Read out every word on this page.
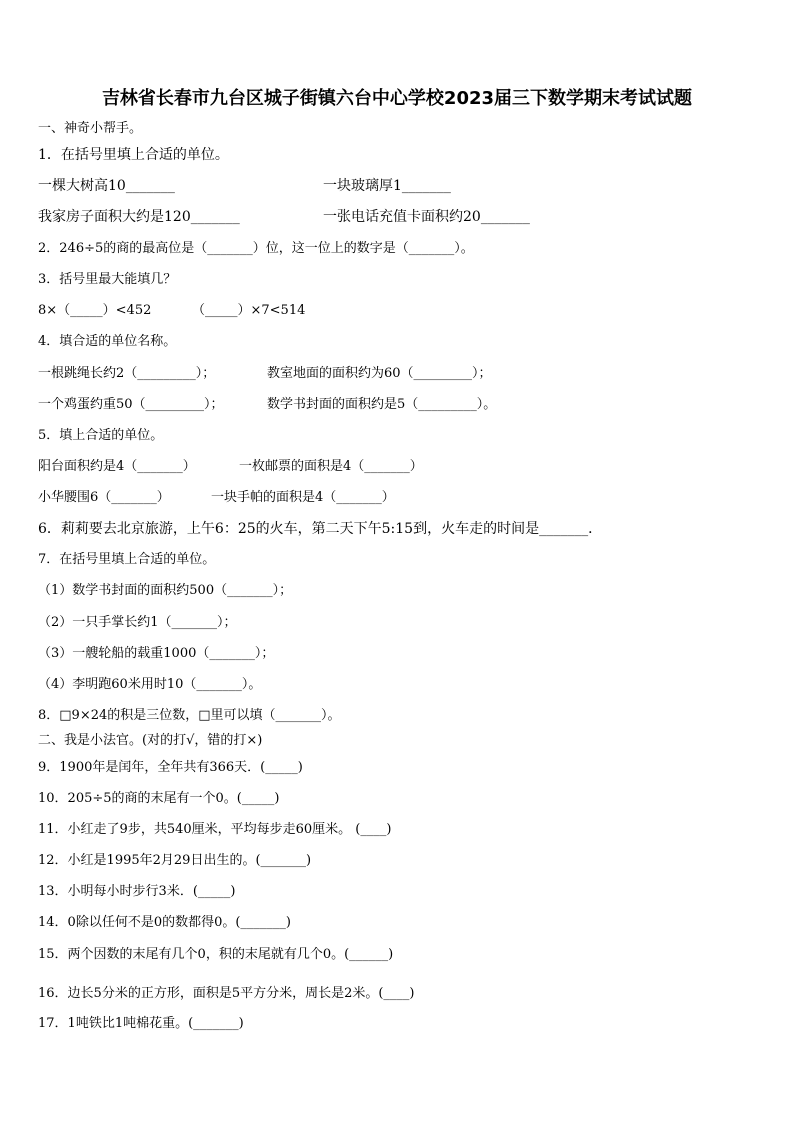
吉林省长春市九台区城子街镇六台中心学校2023届三下数学期末考试试题
一、神奇小帮手。
1．在括号里填上合适的单位。
一棵大树高10_______	一块玻璃厚1_______
我家房子面积大约是120_______	一张电话充值卡面积约20_______
2．246÷5的商的最高位是（_______）位，这一位上的数字是（_______）。
3．括号里最大能填几？
8×（_____）<452	（_____）×7<514
4．填合适的单位名称。
一根跳绳长约2（_________）；	教室地面的面积约为60（_________）；
一个鸡蛋约重50（_________）；	数学书封面的面积约是5（_________）。
5．填上合适的单位。
阳台面积约是4（_______）	一枚邮票的面积是4（_______）
小华腰围6（_______）	一块手帕的面积是4（_______）
6．莉莉要去北京旅游，上午6：25的火车，第二天下午5:15到，火车走的时间是_______．
7．在括号里填上合适的单位。
（1）数学书封面的面积约500（_______）；
（2）一只手掌长约1（_______）；
（3）一艘轮船的载重1000（_______）；
（4）李明跑60米用时10（_______）。
8．□9×24的积是三位数，□里可以填（_______）。
二、我是小法官。(对的打√，错的打×)
9．1900年是闰年，全年共有366天．(_____)
10．205÷5的商的末尾有一个0。(_____)
11．小红走了9步，共540厘米，平均每步走60厘米。 (____)
12．小红是1995年2月29日出生的。(_______)
13．小明每小时步行3米．(_____)
14．0除以任何不是0的数都得0。(_______)
15．两个因数的末尾有几个0，积的末尾就有几个0。(______)
16．边长5分米的正方形，面积是5平方分米，周长是2米。(____)
17．1吨铁比1吨棉花重。(_______)
